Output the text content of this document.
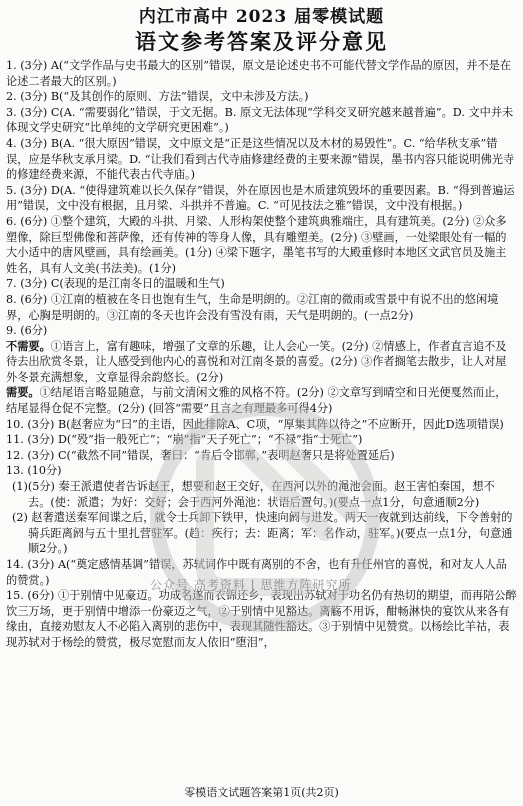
内江市高中 2023 届零模试题
语文参考答案及评分意见

1. (3分) A(“文学作品与史书最大的区别”错误，原文是论述史书不可能代替文学作品的原因，并不是在论述二者最大的区别。)

2. (3分) B(“及其创作的原则、方法”错误，文中未涉及方法。)

3. (3分) C(A. “需要弱化”错误，于文无据。B. 原文无法体现“学科交叉研究越来越普遍”。D. 文中并未体现文学史研究“比单纯的文学研究更困难”。)

4. (3分) B(A. “很大原因”错误，文中原文是“正是这些情况以及木材的易毁性”。C. “给华秋支承”错误，应是华秋支承月梁。D. “让我们看到古代寺庙修建经费的主要来源”错误，墨书内容只能说明佛光寺的修建经费来源，不能代表古代寺庙。)

5. (3分) D(A. “使得建筑难以长久保存”错误，外在原因也是木质建筑毁坏的重要因素。B. “得到普遍运用”错误，文中没有根据，且月梁、斗拱并不普遍。C. “可见技法之雅”错误，文中没有根据。)

6. (6分) ①整个建筑，大殿的斗拱、月梁、人形构架使整个建筑典雅端庄，具有建筑美。(2分) ②众多塑像，除巨型佛像和菩萨像，还有传神的等身人像，具有雕塑美。(2分) ③壁画，一处梁眼处有一幅的大小适中的唐风壁画，具有绘画美。(1分) ④梁下题字，墨笔书写的大殿重修时本地区文武官员及施主姓名，具有人文美(书法美)。(1分)

7. (3分) C(表现的是江南冬日的温暖和生气)

8. (6分) ①江南的植被在冬日也饱有生气，生命是明朗的。②江南的微雨或雪景中有说不出的悠闲境界，心胸是明朗的。③江南的冬天也许会没有雪没有雨，天气是明朗的。(一点2分)

9. (6分)

不需要。①语言上，富有趣味，增强了文章的乐趣，让人会心一笑。(2分) ②情感上，作者直言追不及待去出欣赏冬景，让人感受到他内心的喜悦和对江南冬景的喜爱。(2分) ③作者搁笔去散步，让人对屋外冬景充满想象，文章显得余韵悠长。(2分)

需要。①结尾语言略显随意，与前文清闲文雅的风格不符。(2分) ②文章写到晴空和日光便戛然而止，结尾显得仓促不完整。(2分) (回答“需要”且言之有理最多可得4分)

10. (3分) B(赵奢应为“曰”的主语，因此排除A、C项，“厚集其阵以待之”不应断开，因此D选项错误)

11. (3分) D(“殁”指一般死亡”；“崩”指“天子死亡”；“不禄”指“士死亡”)

12. (3分) C(“截然不同”错误，奢曰：“肯后令邯郸，”表明赵奢只是将处置延后)

13. (10分)

(1)(5分) 秦王派遣使者告诉赵王，想要和赵王交好，在西河以外的渑池会面。赵王害怕秦国，想不去。(使：派遣；为好：交好；会于西河外渑池：状语后置句。)(要点一点1分，句意通顺2分)

(2) 赵奢遣送秦军间谍之后，就令士兵卸下铁甲，快速向阏与进发。两天一夜就到达前线，下令善射的骑兵距离阏与五十里扎营驻军。(趋：疾行；去：距离；军：名作动，驻军。)(要点一点1分，句意通顺2分。)

14. (3分) A(“奠定感情基调”错误，苏轼词作中既有离别的不舍，也有升任州官的喜悦，和对友人人品的赞赏。)

15. (6分) ①于别情中见豪迈。功成名遂而衣锦还乡，表现出苏轼对于功名仍有热切的期望，而再陪公醉饮三万场，更于别情中增添一份豪迈之气，②于别情中见豁达。离觞不用诉，酣畅淋快的宴饮从来各有缘由，直接劝慰友人不必陷入离别的悲伤中，表现其随性豁达。③于别情中见赞赏。以杨绘比羊祜，表现苏轼对于杨绘的赞赏，极尽宽慰而友人依旧“堕泪”，

公众号 高考资料 | 思维方阵研究所
零模语文试题答案第1页(共2页)
